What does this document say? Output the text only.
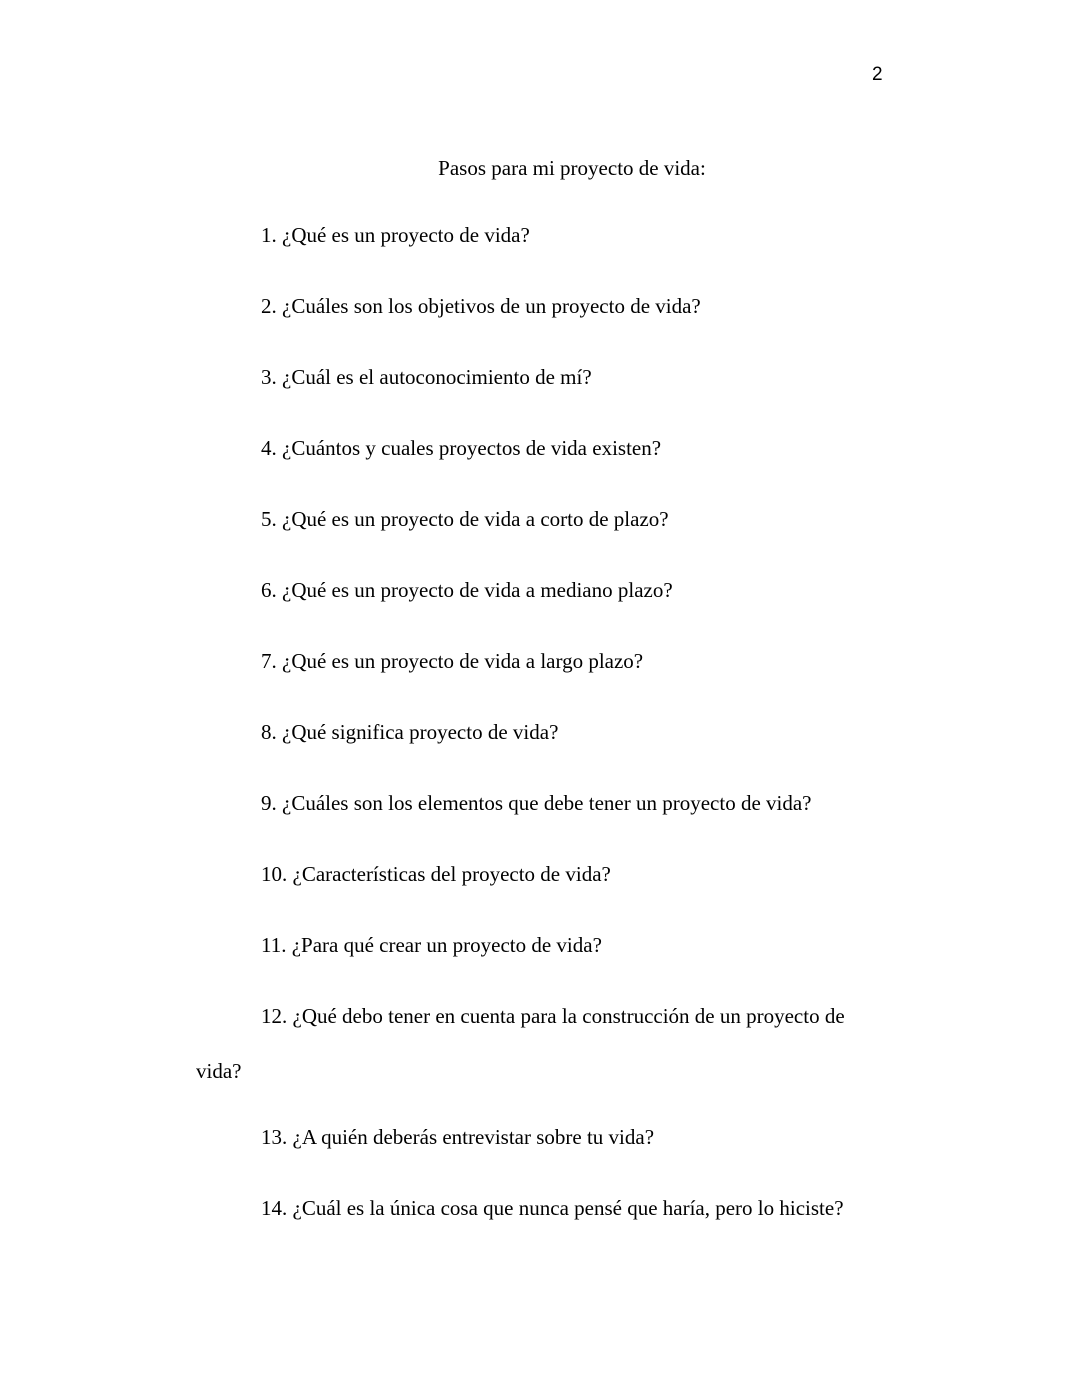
2
Pasos para mi proyecto de vida:
1. ¿Qué es un proyecto de vida?
2. ¿Cuáles son los objetivos de un proyecto de vida?
3. ¿Cuál es el autoconocimiento de mí?
4. ¿Cuántos y cuales proyectos de vida existen?
5. ¿Qué es un proyecto de vida a corto de plazo?
6. ¿Qué es un proyecto de vida a mediano plazo?
7. ¿Qué es un proyecto de vida a largo plazo?
8. ¿Qué significa proyecto de vida?
9. ¿Cuáles son los elementos que debe tener un proyecto de vida?
10. ¿Características del proyecto de vida?
11. ¿Para qué crear un proyecto de vida?
12. ¿Qué debo tener en cuenta para la construcción de un proyecto de
vida?
13. ¿A quién deberás entrevistar sobre tu vida?
14. ¿Cuál es la única cosa que nunca pensé que haría, pero lo hiciste?
